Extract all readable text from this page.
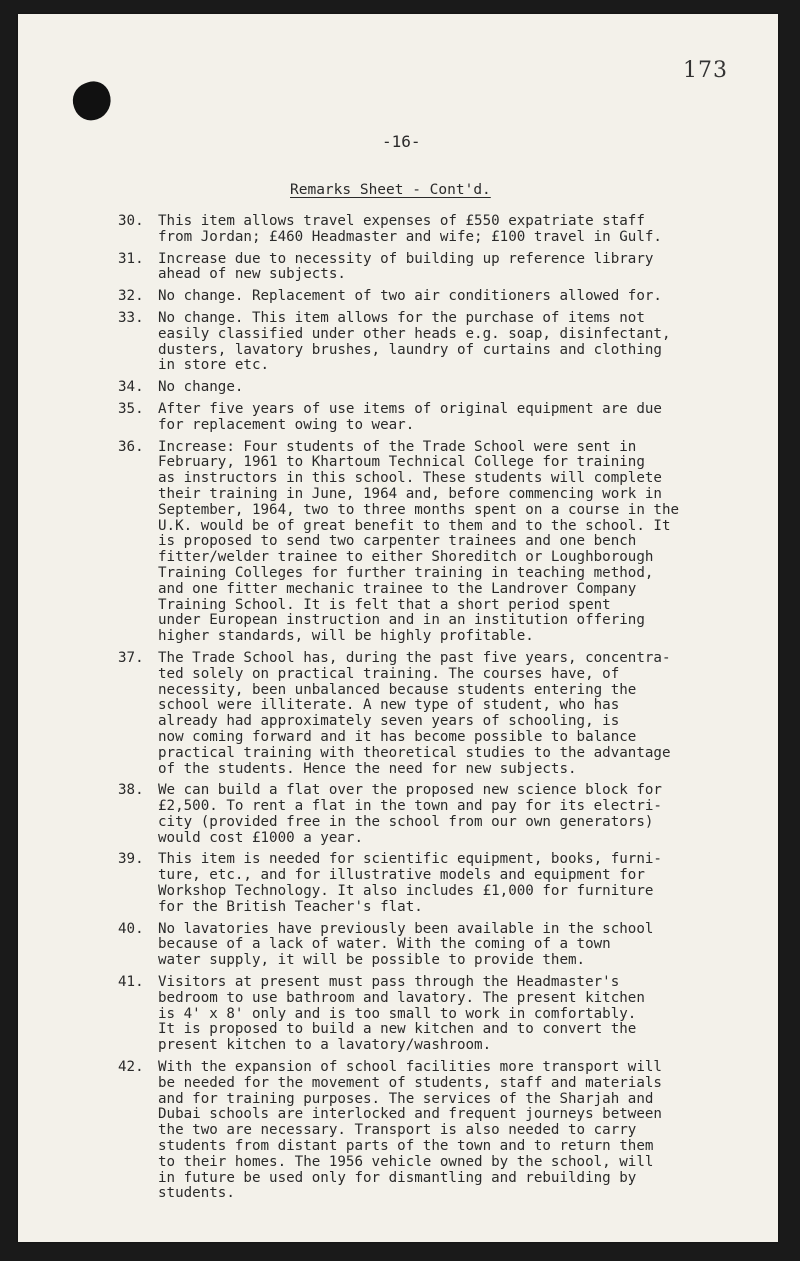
173
-16-
Remarks Sheet - Cont'd.
30.	This item allows travel expenses of £550 expatriate staff
from Jordan; £460 Headmaster and wife; £100 travel in Gulf.
31.	Increase due to necessity of building up reference library
ahead of new subjects.
32.	No change. Replacement of two air conditioners allowed for.
33.	No change. This item allows for the purchase of items not
easily classified under other heads e.g. soap, disinfectant,
dusters, lavatory brushes, laundry of curtains and clothing
in store etc.
34.	No change.
35.	After five years of use items of original equipment are due
for replacement owing to wear.
36.	Increase: Four students of the Trade School were sent in
February, 1961 to Khartoum Technical College for training
as instructors in this school. These students will complete
their training in June, 1964 and, before commencing work in
September, 1964, two to three months spent on a course in the
U.K. would be of great benefit to them and to the school. It
is proposed to send two carpenter trainees and one bench
fitter/welder trainee to either Shoreditch or Loughborough
Training Colleges for further training in teaching method,
and one fitter mechanic trainee to the Landrover Company
Training School. It is felt that a short period spent
under European instruction and in an institution offering
higher standards, will be highly profitable.
37.	The Trade School has, during the past five years, concentra-
ted solely on practical training. The courses have, of
necessity, been unbalanced because students entering the
school were illiterate. A new type of student, who has
already had approximately seven years of schooling, is
now coming forward and it has become possible to balance
practical training with theoretical studies to the advantage
of the students. Hence the need for new subjects.
38.	We can build a flat over the proposed new science block for
£2,500. To rent a flat in the town and pay for its electri-
city (provided free in the school from our own generators)
would cost £1000 a year.
39.	This item is needed for scientific equipment, books, furni-
ture, etc., and for illustrative models and equipment for
Workshop Technology. It also includes £1,000 for furniture
for the British Teacher's flat.
40.	No lavatories have previously been available in the school
because of a lack of water. With the coming of a town
water supply, it will be possible to provide them.
41.	Visitors at present must pass through the Headmaster's
bedroom to use bathroom and lavatory. The present kitchen
is 4' x 8' only and is too small to work in comfortably.
It is proposed to build a new kitchen and to convert the
present kitchen to a lavatory/washroom.
42.	With the expansion of school facilities more transport will
be needed for the movement of students, staff and materials
and for training purposes. The services of the Sharjah and
Dubai schools are interlocked and frequent journeys between
the two are necessary. Transport is also needed to carry
students from distant parts of the town and to return them
to their homes. The 1956 vehicle owned by the school, will
in future be used only for dismantling and rebuilding by
students.
